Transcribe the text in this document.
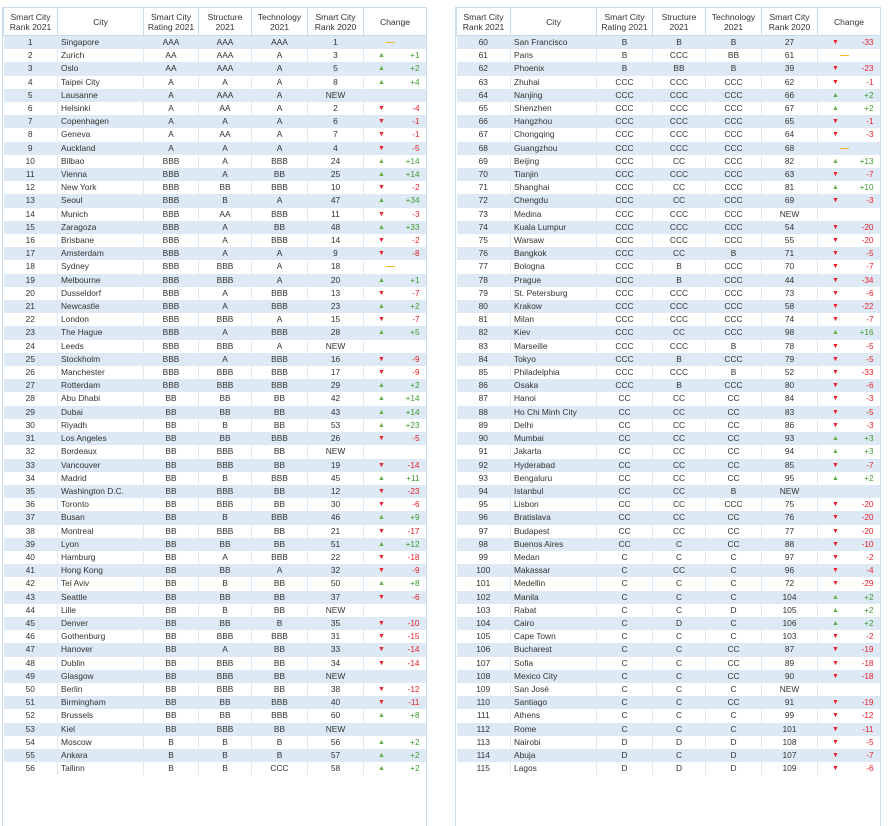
Smart City Rank 2021	City	Smart City Rating 2021	Structure 2021	Technology 2021	Smart City Rank 2020	Change
1	Singapore	AAA	AAA	AAA	1	—

2	Zurich	AA	AAA	A	3	▲ +1

3	Oslo	AA	AAA	A	5	▲ +2

4	Taipei City	A	A	A	8	▲ +4

5	Lausanne	A	AAA	A	NEW	
6	Helsinki	A	AA	A	2	▼ -4

7	Copenhagen	A	A	A	6	▼ -1

8	Geneva	A	AA	A	7	▼ -1

9	Auckland	A	A	A	4	▼ -5

10	Bilbao	BBB	A	BBB	24	▲ +14

11	Vienna	BBB	A	BB	25	▲ +14

12	New York	BBB	BB	BBB	10	▼ -2

13	Seoul	BBB	B	A	47	▲ +34

14	Munich	BBB	AA	BBB	11	▼ -3

15	Zaragoza	BBB	A	BB	48	▲ +33

16	Brisbane	BBB	A	BBB	14	▼ -2

17	Amsterdam	BBB	A	A	9	▼ -8

18	Sydney	BBB	BBB	A	18	—

19	Melbourne	BBB	BBB	A	20	▲ +1

20	Dusseldorf	BBB	A	BBB	13	▼ -7

21	Newcastle	BBB	A	BBB	23	▲ +2

22	London	BBB	BBB	A	15	▼ -7

23	The Hague	BBB	A	BBB	28	▲ +5

24	Leeds	BBB	BBB	A	NEW	
25	Stockholm	BBB	A	BBB	16	▼ -9

26	Manchester	BBB	BBB	BBB	17	▼ -9

27	Rotterdam	BBB	BBB	BBB	29	▲ +2

28	Abu Dhabi	BB	BB	BB	42	▲ +14

29	Dubai	BB	BB	BB	43	▲ +14

30	Riyadh	BB	B	BB	53	▲ +23

31	Los Angeles	BB	BB	BBB	26	▼ -5

32	Bordeaux	BB	BBB	BB	NEW	
33	Vancouver	BB	BBB	BB	19	▼ -14

34	Madrid	BB	B	BBB	45	▲ +11

35	Washington D.C.	BB	BBB	BB	12	▼ -23

36	Toronto	BB	BBB	BB	30	▼ -6

37	Busan	BB	B	BBB	46	▲ +9

38	Montreal	BB	BBB	BB	21	▼ -17

39	Lyon	BB	BB	BB	51	▲ +12

40	Hamburg	BB	A	BBB	22	▼ -18

41	Hong Kong	BB	BB	A	32	▼ -9

42	Tel Aviv	BB	B	BB	50	▲ +8

43	Seattle	BB	BB	BB	37	▼ -6

44	Lille	BB	B	BB	NEW	
45	Denver	BB	BB	B	35	▼ -10

46	Gothenburg	BB	BBB	BBB	31	▼ -15

47	Hanover	BB	A	BB	33	▼ -14

48	Dublin	BB	BBB	BB	34	▼ -14

49	Glasgow	BB	BBB	BB	NEW	
50	Berlin	BB	BBB	BB	38	▼ -12

51	Birmingham	BB	BB	BBB	40	▼ -11

52	Brussels	BB	BB	BBB	60	▲ +8

53	Kiel	BB	BBB	BB	NEW	
54	Moscow	B	B	B	56	▲ +2

55	Ankara	B	B	B	57	▲ +2

56	Tallinn	B	B	CCC	58	▲ +2
Smart City Rank 2021	City	Smart City Rating 2021	Structure 2021	Technology 2021	Smart City Rank 2020	Change
60	San Francisco	B	B	B	27	▼ -33

61	Paris	B	CCC	BB	61	—

62	Phoenix	B	BB	B	39	▼ -23

63	Zhuhai	CCC	CCC	CCC	62	▼ -1

64	Nanjing	CCC	CCC	CCC	66	▲ +2

65	Shenzhen	CCC	CCC	CCC	67	▲ +2

66	Hangzhou	CCC	CCC	CCC	65	▼ -1

67	Chongqing	CCC	CCC	CCC	64	▼ -3

68	Guangzhou	CCC	CCC	CCC	68	—

69	Beijing	CCC	CC	CCC	82	▲ +13

70	Tianjin	CCC	CCC	CCC	63	▼ -7

71	Shanghai	CCC	CC	CCC	81	▲ +10

72	Chengdu	CCC	CC	CCC	69	▼ -3

73	Medina	CCC	CCC	CCC	NEW	
74	Kuala Lumpur	CCC	CCC	CCC	54	▼ -20

75	Warsaw	CCC	CCC	CCC	55	▼ -20

76	Bangkok	CCC	CC	B	71	▼ -5

77	Bologna	CCC	B	CCC	70	▼ -7

78	Prague	CCC	B	CCC	44	▼ -34

79	St. Petersburg	CCC	CCC	CCC	73	▼ -6

80	Krakow	CCC	CCC	CCC	58	▼ -22

81	Milan	CCC	CCC	CCC	74	▼ -7

82	Kiev	CCC	CC	CCC	98	▲ +16

83	Marseille	CCC	CCC	B	78	▼ -5

84	Tokyo	CCC	B	CCC	79	▼ -5

85	Philadelphia	CCC	CCC	B	52	▼ -33

86	Osaka	CCC	B	CCC	80	▼ -6

87	Hanoi	CC	CC	CC	84	▼ -3

88	Ho Chi Minh City	CC	CC	CC	83	▼ -5

89	Delhi	CC	CC	CC	86	▼ -3

90	Mumbai	CC	CC	CC	93	▲ +3

91	Jakarta	CC	CC	CC	94	▲ +3

92	Hyderabad	CC	CC	CC	85	▼ -7

93	Bengaluru	CC	CC	CC	95	▲ +2

94	Istanbul	CC	CC	B	NEW	
95	Lisbon	CC	CC	CCC	75	▼ -20

96	Bratislava	CC	CC	CC	76	▼ -20

97	Budapest	CC	CC	CC	77	▼ -20

98	Buenos Aires	CC	C	CC	88	▼ -10

99	Medan	C	C	C	97	▼ -2

100	Makassar	C	CC	C	96	▼ -4

101	Medellin	C	C	C	72	▼ -29

102	Manila	C	C	C	104	▲ +2

103	Rabat	C	C	D	105	▲ +2

104	Cairo	C	D	C	106	▲ +2

105	Cape Town	C	C	C	103	▼ -2

106	Bucharest	C	C	CC	87	▼ -19

107	Sofia	C	C	CC	89	▼ -18

108	Mexico City	C	C	CC	90	▼ -18

109	San José	C	C	C	NEW	
110	Santiago	C	C	CC	91	▼ -19

111	Athens	C	C	C	99	▼ -12

112	Rome	C	C	C	101	▼ -11

113	Nairobi	D	D	D	108	▼ -5

114	Abuja	D	C	D	107	▼ -7

115	Lagos	D	D	D	109	▼ -6
